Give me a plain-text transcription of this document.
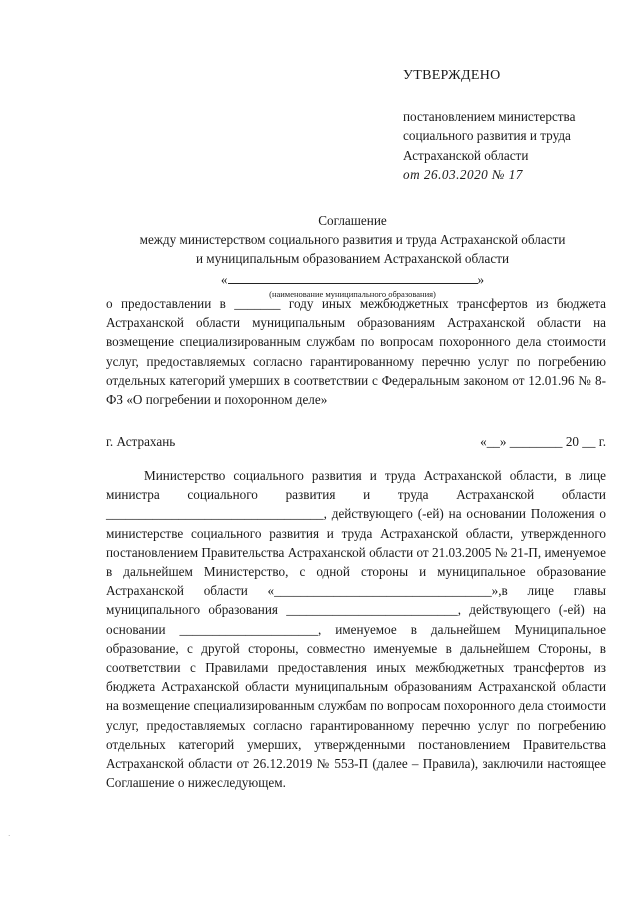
УТВЕРЖДЕНО
постановлением министерства
социального развития и труда
Астраханской области
от 26.03.2020 № 17
Соглашение
между министерством социального развития и труда Астраханской области
и муниципальным образованием Астраханской области
«	»
(наименование муниципального образования)
о предоставлении в _______ году иных межбюджетных трансфертов из бюджета Астраханской области муниципальным образованиям Астраханской области на возмещение специализированным службам по вопросам похоронного дела стоимости услуг, предоставляемых согласно гарантированному перечню услуг по погребению отдельных категорий умерших в соответствии с Федеральным законом от 12.01.96 № 8-ФЗ «О погребении и похоронном деле»
г. Астрахань	«__» ________ 20 __ г.
Министерство социального развития и труда Астраханской области, в лице министра социального развития и труда Астраханской области _________________________________, действующего (-ей) на основании Положения о министерстве социального развития и труда Астраханской области, утвержденного постановлением Правительства Астраханской области от 21.03.2005 № 21-П, именуемое в дальнейшем Министерство, с одной стороны и муниципальное образование Астраханской области «_________________________________»,в лице главы муниципального образования __________________________, действующего (-ей) на основании _____________________, именуемое в дальнейшем Муниципальное образование, с другой стороны, совместно именуемые в дальнейшем Стороны, в соответствии с Правилами предоставления иных межбюджетных трансфертов из бюджета Астраханской области муниципальным образованиям Астраханской области на возмещение специализированным службам по вопросам похоронного дела стоимости услуг, предоставляемых согласно гарантированному перечню услуг по погребению отдельных категорий умерших, утвержденными постановлением Правительства Астраханской области от 26.12.2019 № 553-П (далее – Правила), заключили настоящее Соглашение о нижеследующем.
·
